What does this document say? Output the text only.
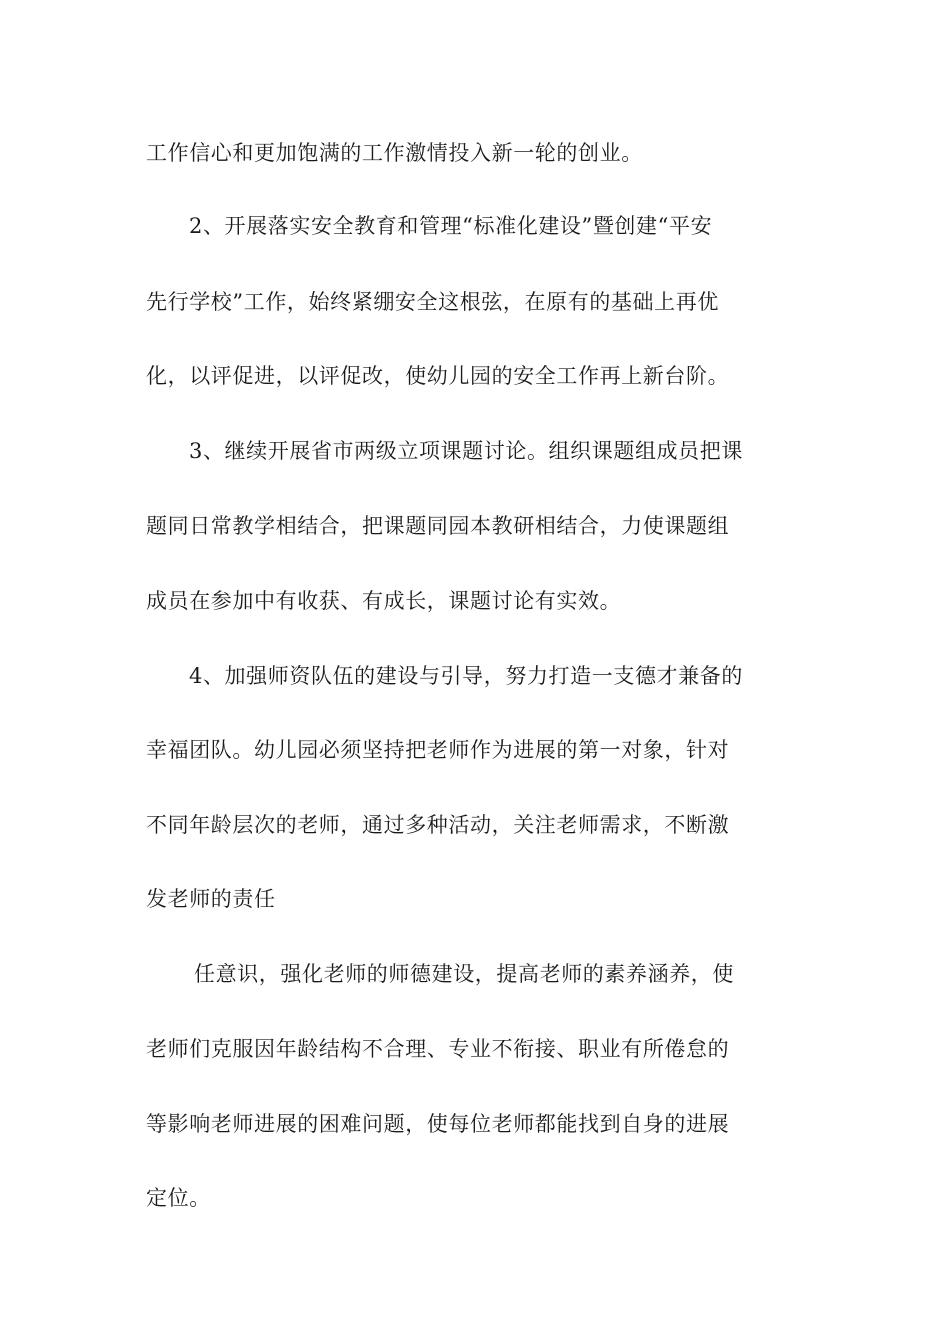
工作信心和更加饱满的工作激情投入新一轮的创业。
2、开展落实安全教育和管理“标准化建设”暨创建“平安
先行学校”工作，始终紧绷安全这根弦，在原有的基础上再优
化，以评促进，以评促改，使幼儿园的安全工作再上新台阶。
3、继续开展省市两级立项课题讨论。组织课题组成员把课
题同日常教学相结合，把课题同园本教研相结合，力使课题组
成员在参加中有收获、有成长，课题讨论有实效。
4、加强师资队伍的建设与引导，努力打造一支德才兼备的
幸福团队。幼儿园必须坚持把老师作为进展的第一对象，针对
不同年龄层次的老师，通过多种活动，关注老师需求，不断激
发老师的责任
任意识，强化老师的师德建设，提高老师的素养涵养，使
老师们克服因年龄结构不合理、专业不衔接、职业有所倦怠的
等影响老师进展的困难问题，使每位老师都能找到自身的进展
定位。
